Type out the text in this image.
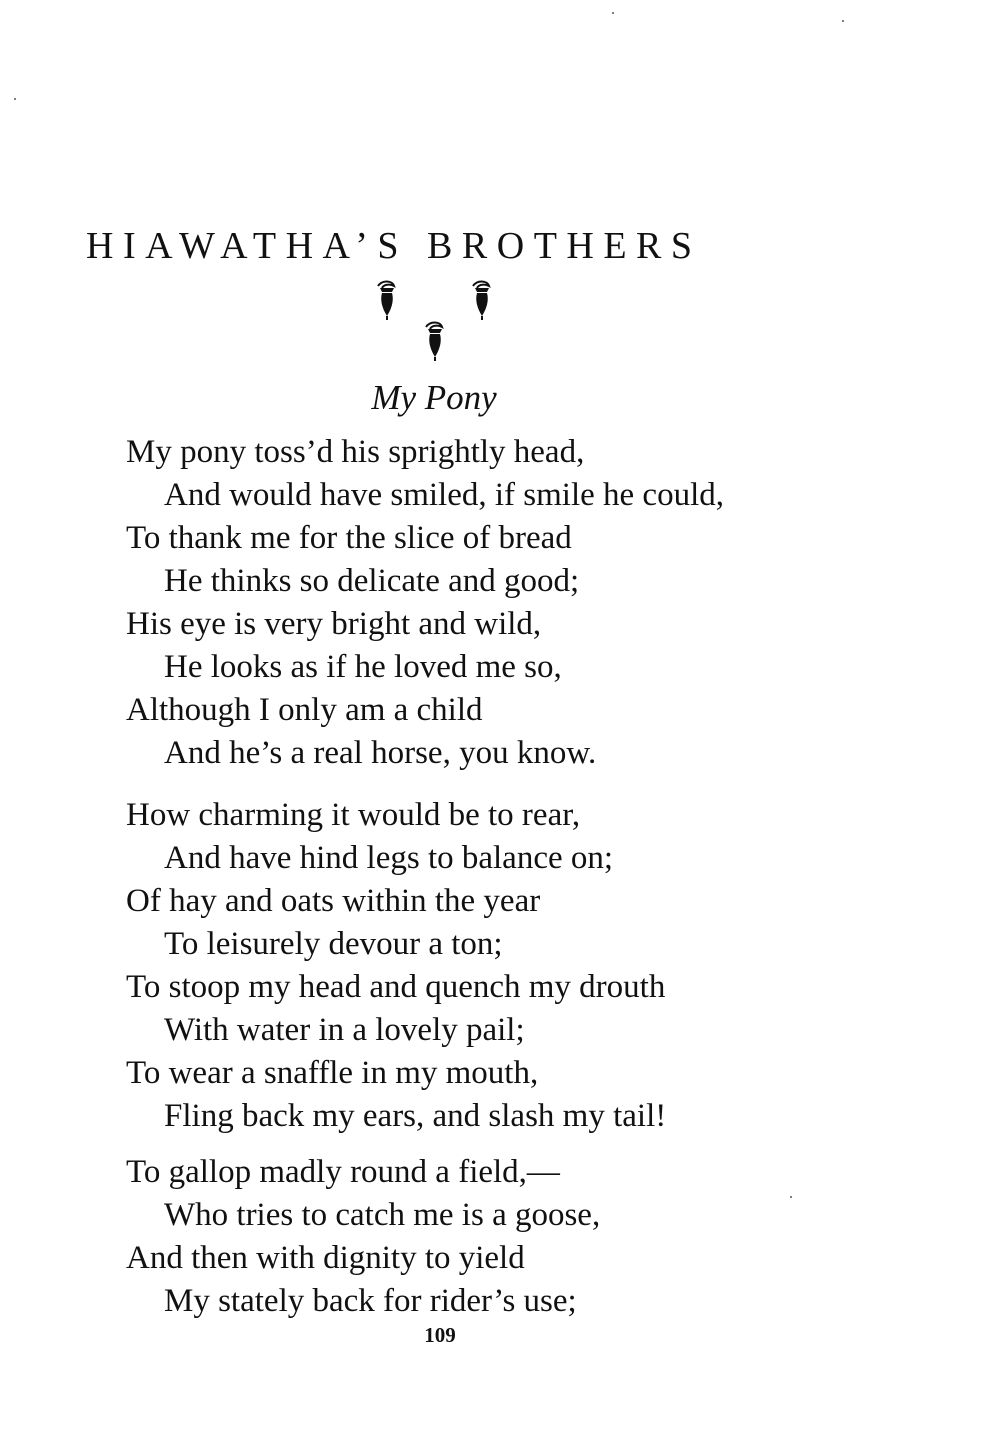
HIAWATHA’S BROTHERS
My Pony
My pony toss’d his sprightly head,
And would have smiled, if smile he could,
To thank me for the slice of bread
He thinks so delicate and good;
His eye is very bright and wild,
He looks as if he loved me so,
Although I only am a child
And he’s a real horse, you know.
How charming it would be to rear,
And have hind legs to balance on;
Of hay and oats within the year
To leisurely devour a ton;
To stoop my head and quench my drouth
With water in a lovely pail;
To wear a snaffle in my mouth,
Fling back my ears, and slash my tail!
To gallop madly round a field,—
Who tries to catch me is a goose,
And then with dignity to yield
My stately back for rider’s use;
109
